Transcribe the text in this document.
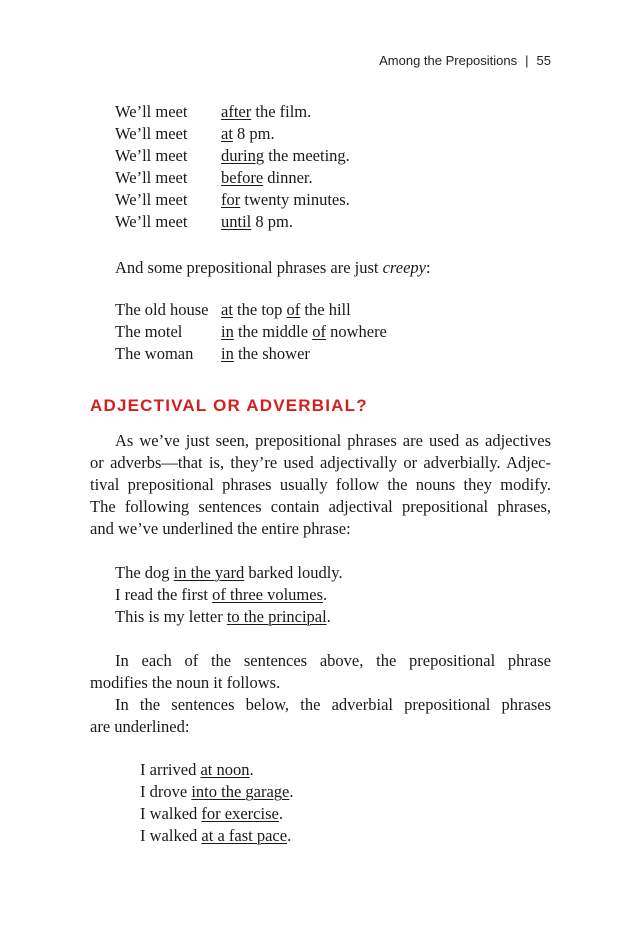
Among the Prepositions | 55
We’ll meet after the film.
We’ll meet at 8 pm.
We’ll meet during the meeting.
We’ll meet before dinner.
We’ll meet for twenty minutes.
We’ll meet until 8 pm.
And some prepositional phrases are just creepy:
The old house at the top of the hill
The motel in the middle of nowhere
The woman in the shower
ADJECTIVAL OR ADVERBIAL?
As we’ve just seen, prepositional phrases are used as adjectives
or adverbs—that is, they’re used adjectivally or adverbially. Adjec-
tival prepositional phrases usually follow the nouns they modify.
The following sentences contain adjectival prepositional phrases,
and we’ve underlined the entire phrase:
The dog in the yard barked loudly.
I read the first of three volumes.
This is my letter to the principal.
In each of the sentences above, the prepositional phrase
modifies the noun it follows.
In the sentences below, the adverbial prepositional phrases
are underlined:
I arrived at noon.
I drove into the garage.
I walked for exercise.
I walked at a fast pace.
